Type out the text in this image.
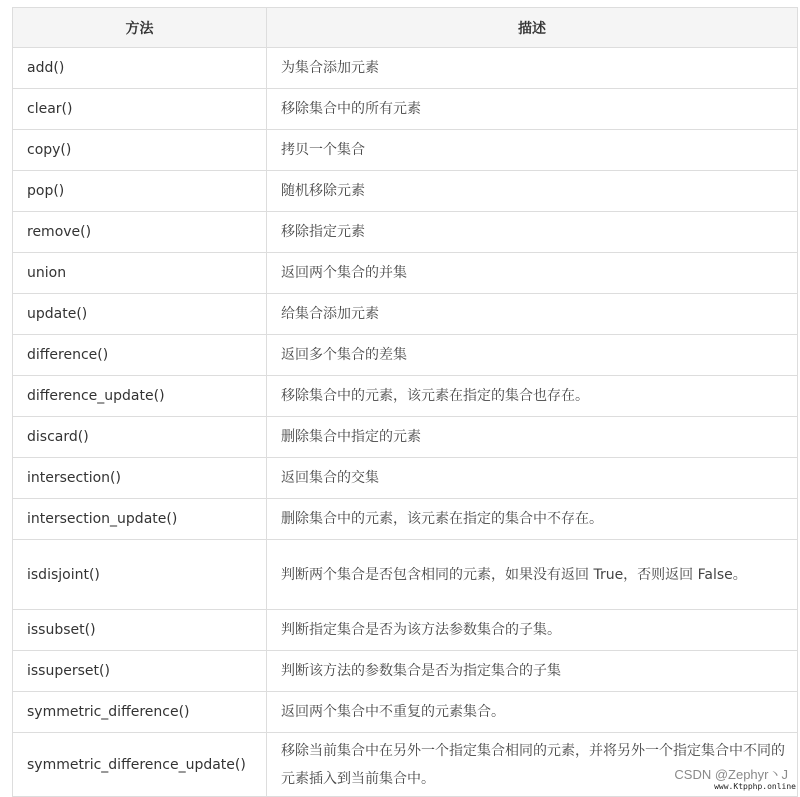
方法	描述
add()	为集合添加元素
clear()	移除集合中的所有元素
copy()	拷贝一个集合
pop()	随机移除元素
remove()	移除指定元素
union	返回两个集合的并集
update()	给集合添加元素
difference()	返回多个集合的差集
difference_update()	移除集合中的元素，该元素在指定的集合也存在。
discard()	删除集合中指定的元素
intersection()	返回集合的交集
intersection_update()	删除集合中的元素，该元素在指定的集合中不存在。
isdisjoint()	判断两个集合是否包含相同的元素，如果没有返回 True，否则返回 False。
issubset()	判断指定集合是否为该方法参数集合的子集。
issuperset()	判断该方法的参数集合是否为指定集合的子集
symmetric_difference()	返回两个集合中不重复的元素集合。
symmetric_difference_update()	移除当前集合中在另外一个指定集合相同的元素，并将另外一个指定集合中不同的元素插入到当前集合中。	CSDN @Zephyr丶J
www.Ktpphp.online
